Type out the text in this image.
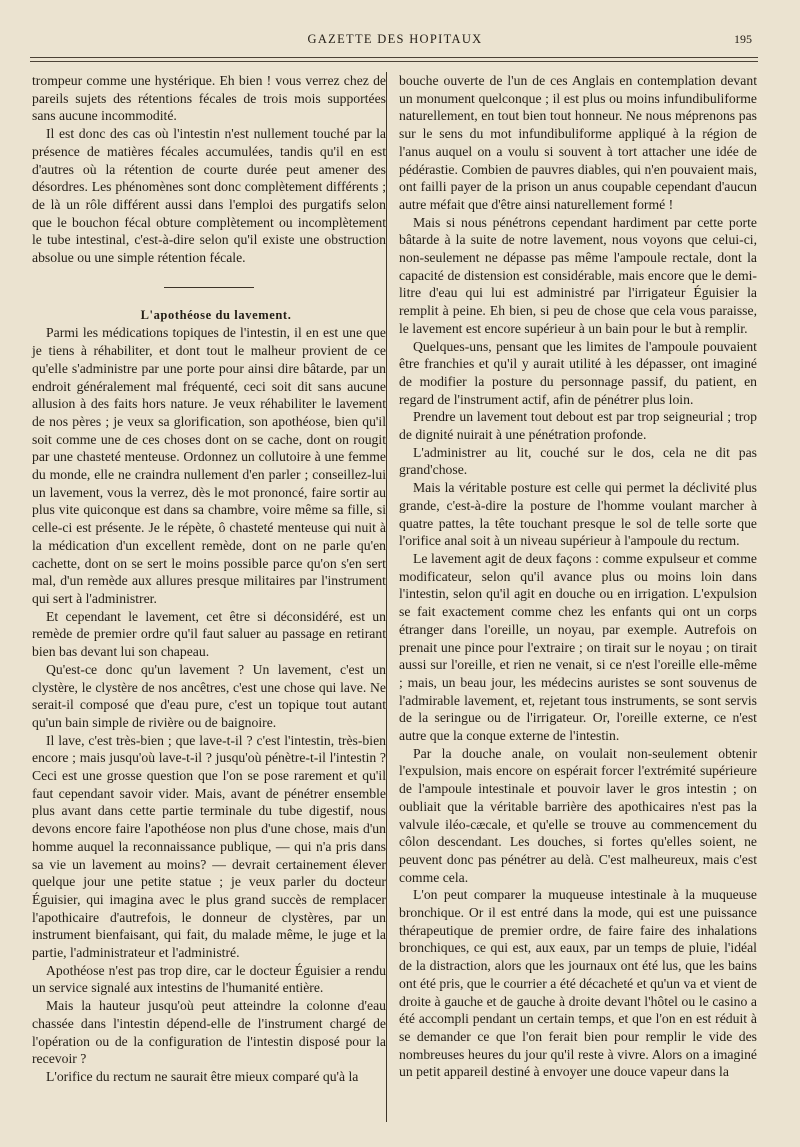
GAZETTE DES HOPITAUX	195

trompeur comme une hystérique. Eh bien ! vous verrez chez de pareils sujets des rétentions fécales de trois mois supportées sans aucune incommodité.

Il est donc des cas où l'intestin n'est nullement touché par la présence de matières fécales accumulées, tandis qu'il en est d'autres où la rétention de courte durée peut amener des désordres. Les phénomènes sont donc complètement différents ; de là un rôle différent aussi dans l'emploi des purgatifs selon que le bouchon fécal obture complètement ou incomplètement le tube intestinal, c'est-à-dire selon qu'il existe une obstruction absolue ou une simple rétention fécale.

L'apothéose du lavement.

Parmi les médications topiques de l'intestin, il en est une que je tiens à réhabiliter, et dont tout le malheur provient de ce qu'elle s'administre par une porte pour ainsi dire bâtarde, par un endroit généralement mal fréquenté, ceci soit dit sans aucune allusion à des faits hors nature. Je veux réhabiliter le lavement de nos pères ; je veux sa glorification, son apothéose, bien qu'il soit comme une de ces choses dont on se cache, dont on rougit par une chasteté menteuse. Ordonnez un collutoire à une femme du monde, elle ne craindra nullement d'en parler ; conseillez-lui un lavement, vous la verrez, dès le mot prononcé, faire sortir au plus vite quiconque est dans sa chambre, voire même sa fille, si celle-ci est présente. Je le répète, ô chasteté menteuse qui nuit à la médication d'un excellent remède, dont on ne parle qu'en cachette, dont on se sert le moins possible parce qu'on s'en sert mal, d'un remède aux allures presque militaires par l'instrument qui sert à l'administrer.

Et cependant le lavement, cet être si déconsidéré, est un remède de premier ordre qu'il faut saluer au passage en retirant bien bas devant lui son chapeau.

Qu'est-ce donc qu'un lavement ? Un lavement, c'est un clystère, le clystère de nos ancêtres, c'est une chose qui lave. Ne serait-il composé que d'eau pure, c'est un topique tout autant qu'un bain simple de rivière ou de baignoire.

Il lave, c'est très-bien ; que lave-t-il ? c'est l'intestin, très-bien encore ; mais jusqu'où lave-t-il ? jusqu'où pénètre-t-il l'intestin ? Ceci est une grosse question que l'on se pose rarement et qu'il faut cependant savoir vider. Mais, avant de pénétrer ensemble plus avant dans cette partie terminale du tube digestif, nous devons encore faire l'apothéose non plus d'une chose, mais d'un homme auquel la reconnaissance publique, — qui n'a pris dans sa vie un lavement au moins? — devrait certainement élever quelque jour une petite statue ; je veux parler du docteur Éguisier, qui imagina avec le plus grand succès de remplacer l'apothicaire d'autrefois, le donneur de clystères, par un instrument bienfaisant, qui fait, du malade même, le juge et la partie, l'administrateur et l'administré.

Apothéose n'est pas trop dire, car le docteur Éguisier a rendu un service signalé aux intestins de l'humanité entière.

Mais la hauteur jusqu'où peut atteindre la colonne d'eau chassée dans l'intestin dépend-elle de l'instrument chargé de l'opération ou de la configuration de l'intestin disposé pour la recevoir ?

L'orifice du rectum ne saurait être mieux comparé qu'à la

bouche ouverte de l'un de ces Anglais en contemplation devant un monument quelconque ; il est plus ou moins infundibuliforme naturellement, en tout bien tout honneur. Ne nous méprenons pas sur le sens du mot infundibuliforme appliqué à la région de l'anus auquel on a voulu si souvent à tort attacher une idée de pédérastie. Combien de pauvres diables, qui n'en pouvaient mais, ont failli payer de la prison un anus coupable cependant d'aucun autre méfait que d'être ainsi naturellement formé !

Mais si nous pénétrons cependant hardiment par cette porte bâtarde à la suite de notre lavement, nous voyons que celui-ci, non-seulement ne dépasse pas même l'ampoule rectale, dont la capacité de distension est considérable, mais encore que le demi-litre d'eau qui lui est administré par l'irrigateur Éguisier la remplit à peine. Eh bien, si peu de chose que cela vous paraisse, le lavement est encore supérieur à un bain pour le but à remplir.

Quelques-uns, pensant que les limites de l'ampoule pouvaient être franchies et qu'il y aurait utilité à les dépasser, ont imaginé de modifier la posture du personnage passif, du patient, en regard de l'instrument actif, afin de pénétrer plus loin.

Prendre un lavement tout debout est par trop seigneurial ; trop de dignité nuirait à une pénétration profonde.

L'administrer au lit, couché sur le dos, cela ne dit pas grand'chose.

Mais la véritable posture est celle qui permet la déclivité plus grande, c'est-à-dire la posture de l'homme voulant marcher à quatre pattes, la tête touchant presque le sol de telle sorte que l'orifice anal soit à un niveau supérieur à l'ampoule du rectum.

Le lavement agit de deux façons : comme expulseur et comme modificateur, selon qu'il avance plus ou moins loin dans l'intestin, selon qu'il agit en douche ou en irrigation. L'expulsion se fait exactement comme chez les enfants qui ont un corps étranger dans l'oreille, un noyau, par exemple. Autrefois on prenait une pince pour l'extraire ; on tirait sur le noyau ; on tirait aussi sur l'oreille, et rien ne venait, si ce n'est l'oreille elle-même ; mais, un beau jour, les médecins auristes se sont souvenus de l'admirable lavement, et, rejetant tous instruments, se sont servis de la seringue ou de l'irrigateur. Or, l'oreille externe, ce n'est autre que la conque externe de l'intestin.

Par la douche anale, on voulait non-seulement obtenir l'expulsion, mais encore on espérait forcer l'extrémité supérieure de l'ampoule intestinale et pouvoir laver le gros intestin ; on oubliait que la véritable barrière des apothicaires n'est pas la valvule iléo-cæcale, et qu'elle se trouve au commencement du côlon descendant. Les douches, si fortes qu'elles soient, ne peuvent donc pas pénétrer au delà. C'est malheureux, mais c'est comme cela.

L'on peut comparer la muqueuse intestinale à la muqueuse bronchique. Or il est entré dans la mode, qui est une puissance thérapeutique de premier ordre, de faire faire des inhalations bronchiques, ce qui est, aux eaux, par un temps de pluie, l'idéal de la distraction, alors que les journaux ont été lus, que les bains ont été pris, que le courrier a été décacheté et qu'un va et vient de droite à gauche et de gauche à droite devant l'hôtel ou le casino a été accompli pendant un certain temps, et que l'on en est réduit à se demander ce que l'on ferait bien pour remplir le vide des nombreuses heures du jour qu'il reste à vivre. Alors on a imaginé un petit appareil destiné à envoyer une douce vapeur dans la
